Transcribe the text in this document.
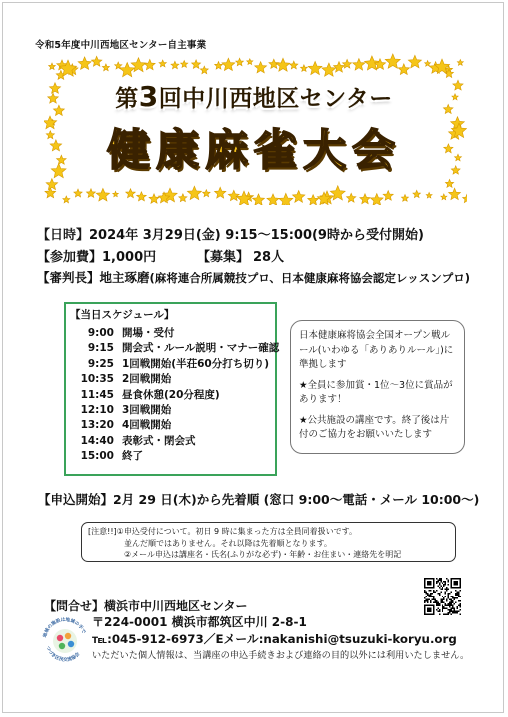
令和5年度中川西地区センター自主事業
第3回中川西地区センター
健康麻雀大会
【日時】2024年 3月29日(金) 9:15～15:00(9時から受付開始)
【参加費】1,000円	【募集】 28人
【審判長】地主琢磨(麻将連合所属競技プロ、日本健康麻将協会認定レッスンプロ)
【当日スケジュール】
9:00 開場・受付
9:15 開会式・ルール説明・マナー確認
9:25 1回戦開始(半荘60分打ち切り)
10:35 2回戦開始
11:45 昼食休憩(20分程度)
12:10 3回戦開始
13:20 4回戦開始
14:40 表彰式・閉会式
15:00 終了

日本健康麻将協会全国オープン戦ルール(いわゆる「ありありルール」)に準拠します

★全員に参加賞・1位～3位に賞品があります！

★公共施設の講座です。終了後は片付のご協力をお願いいたします

【申込開始】2月 29 日(木)から先着順 (窓口 9:00～電話・メール 10:00～)
[注意!!]①申込受付について。初日 9 時に集まった方は全員同着扱いです。
並んだ順ではありません。それ以降は先着順となります。
②メール申込は講座名・氏名(ふりがな必ず)・年齢・お住まい・連絡先を明記
【問合せ】横浜市中川西地区センター
〒224-0001 横浜市都筑区中川 2-8-1
℡:045-912-6973／Eメール:nakanishi@tsuzuki-koryu.org
いただいた個人情報は、当講座の申込手続きおよび連絡の目的以外には利用いたしません。
地域の施設は地域の手で
つづき区民交流協会
